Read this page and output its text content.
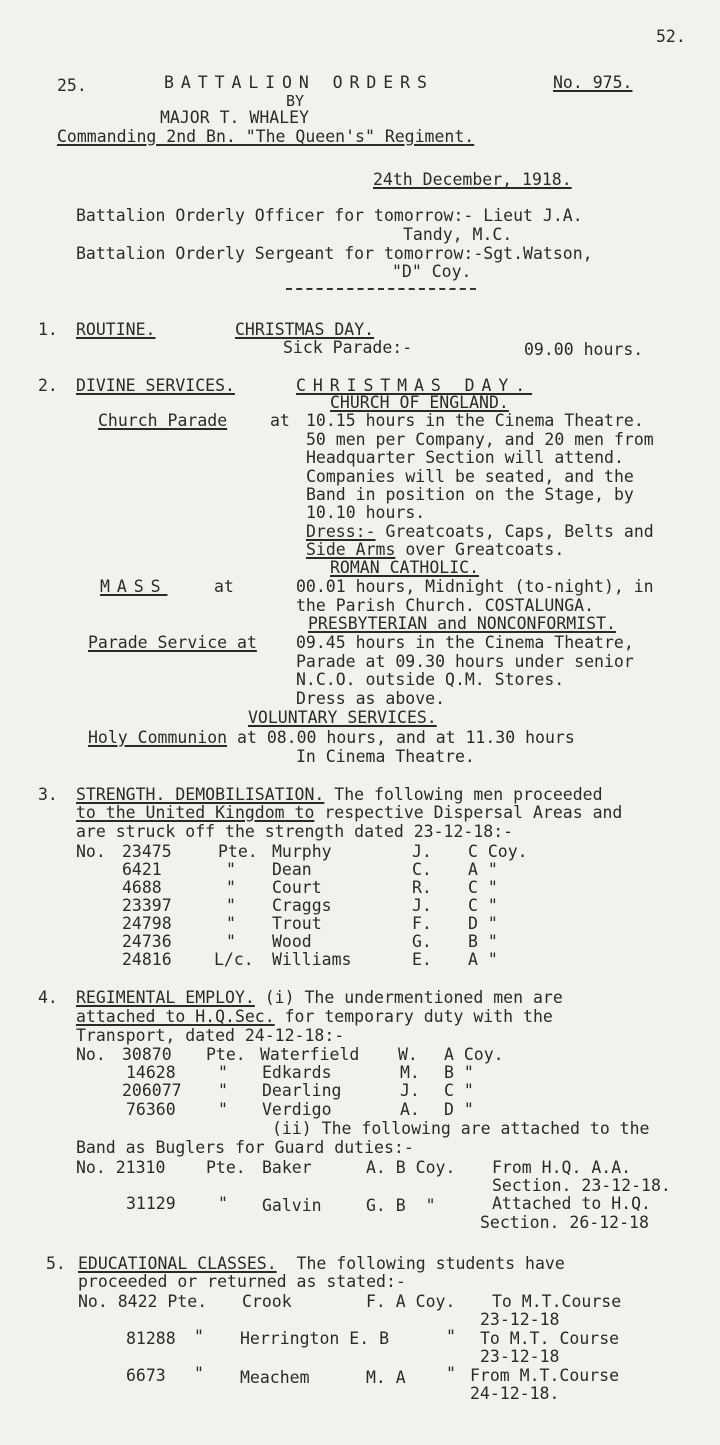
52.
25.	BATTALION ORDERS	No. 975.
BY
MAJOR T. WHALEY
Commanding 2nd Bn. "The Queen's" Regiment.
24th December, 1918.
Battalion Orderly Officer for tomorrow:- Lieut J.A.
Tandy, M.C.
Battalion Orderly Sergeant for tomorrow:-Sgt.Watson,
"D" Coy.
1. ROUTINE.	CHRISTMAS DAY.
Sick Parade:-	09.00 hours.
2. DIVINE SERVICES.	CHRISTMAS DAY.
CHURCH OF ENGLAND.
Church Parade	at 10.15 hours in the Cinema Theatre.
50 men per Company, and 20 men from
Headquarter Section will attend.
Companies will be seated, and the
Band in position on the Stage, by
10.10 hours.
Dress:- Greatcoats, Caps, Belts and
Side Arms over Greatcoats.
ROMAN CATHOLIC.
MASS	at	00.01 hours, Midnight (to-night), in
the Parish Church. COSTALUNGA.
PRESBYTERIAN and NONCONFORMIST.
Parade Service at 09.45 hours in the Cinema Theatre,
Parade at 09.30 hours under senior
N.C.O. outside Q.M. Stores.
Dress as above.
VOLUNTARY SERVICES.
Holy Communion at 08.00 hours, and at 11.30 hours
In Cinema Theatre.
3. STRENGTH. DEMOBILISATION. The following men proceeded
to the United Kingdom to respective Dispersal Areas and
are struck off the strength dated 23-12-18:-
No. 23475	Pte. Murphy	J. C Coy.
6421	" Dean	C. A "
4688	" Court	R. C "
23397	" Craggs	J. C "
24798	" Trout	F. D "
24736	" Wood	G. B "
24816	L/c. Williams	E. A "
4. REGIMENTAL EMPLOY. (i) The undermentioned men are
attached to H.Q.Sec. for temporary duty with the
Transport, dated 24-12-18:-
No. 30870 Pte. Waterfield W. A Coy.
14628	" Edkards	M. B "
206077 " Dearling	J. C "
76360	" Verdigo	A. D "
(ii) The following are attached to the
Band as Buglers for Guard duties:-
No. 21310 Pte. Baker	A. B Coy. From H.Q. A.A.
Section. 23-12-18.
31129	" Galvin	G. B  "	Attached to H.Q.
Section. 26-12-18
5. EDUCATIONAL CLASSES.  The following students have
proceeded or returned as stated:-
No. 8422 Pte. Crook	F. A Coy. To M.T.Course
23-12-18
81288 " Herrington E. B	" To M.T. Course
23-12-18
6673 " Meachem	M. A " From M.T.Course
24-12-18.
